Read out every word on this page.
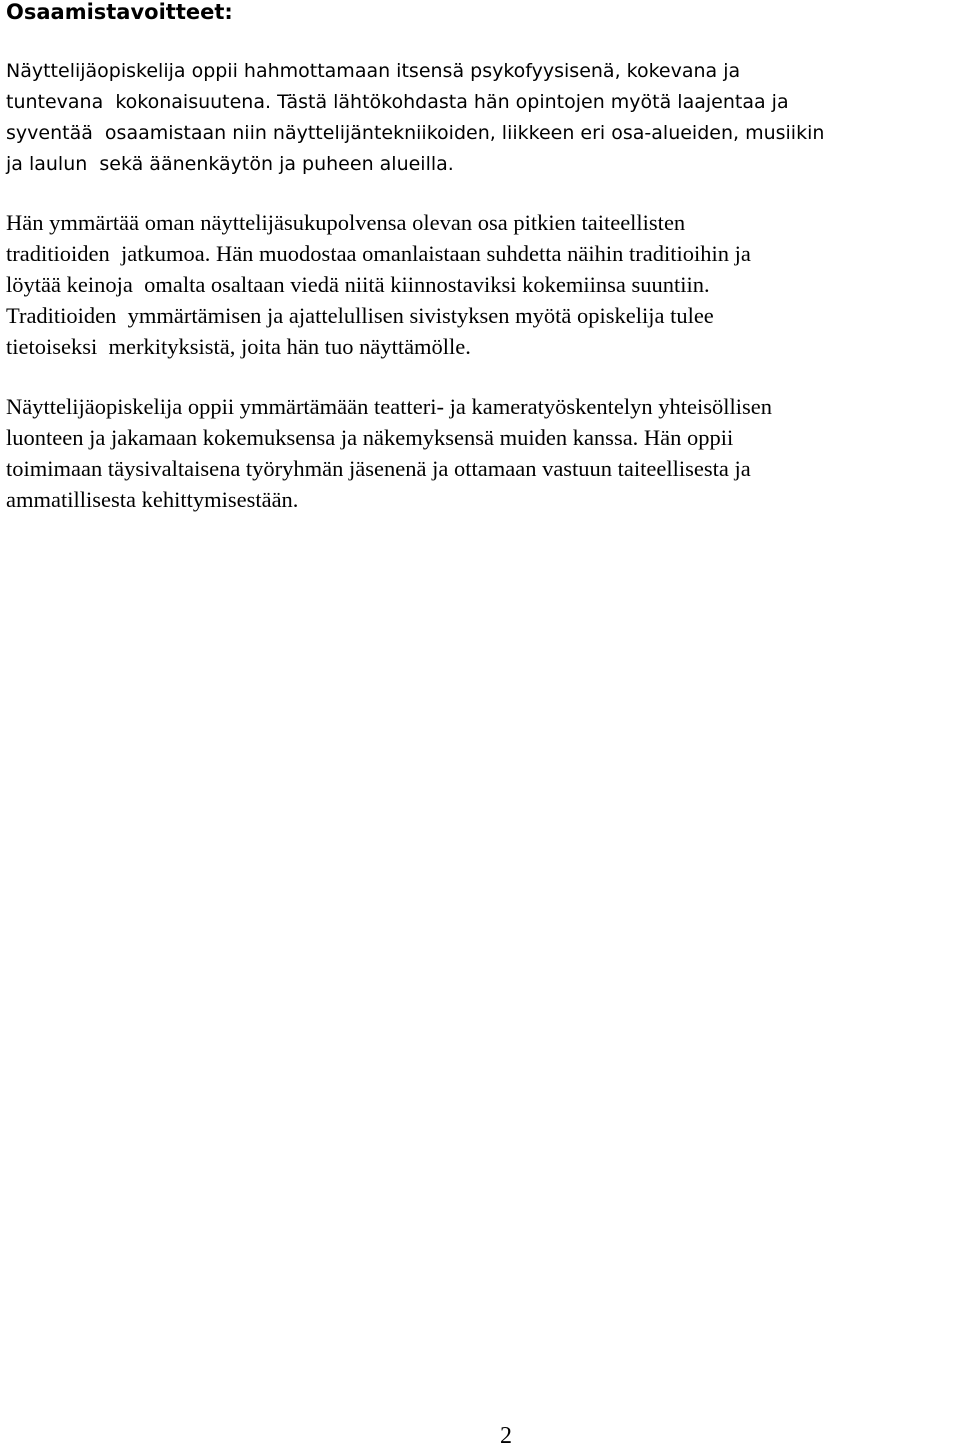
Osaamistavoitteet:
Näyttelijäopiskelija oppii hahmottamaan itsensä psykofyysisenä, kokevana ja
tuntevana  kokonaisuutena. Tästä lähtökohdasta hän opintojen myötä laajentaa ja
syventää  osaamistaan niin näyttelijäntekniikoiden, liikkeen eri osa-alueiden, musiikin
ja laulun  sekä äänenkäytön ja puheen alueilla.
Hän ymmärtää oman näyttelijäsukupolvensa olevan osa pitkien taiteellisten
traditioiden  jatkumoa. Hän muodostaa omanlaistaan suhdetta näihin traditioihin ja
löytää keinoja  omalta osaltaan viedä niitä kiinnostaviksi kokemiinsa suuntiin.
Traditioiden  ymmärtämisen ja ajattelullisen sivistyksen myötä opiskelija tulee
tietoiseksi  merkityksistä, joita hän tuo näyttämölle.
Näyttelijäopiskelija oppii ymmärtämään teatteri- ja kameratyöskentelyn yhteisöllisen
luonteen ja jakamaan kokemuksensa ja näkemyksensä muiden kanssa. Hän oppii
toimimaan täysivaltaisena työryhmän jäsenenä ja ottamaan vastuun taiteellisesta ja
ammatillisesta kehittymisestään.
2
